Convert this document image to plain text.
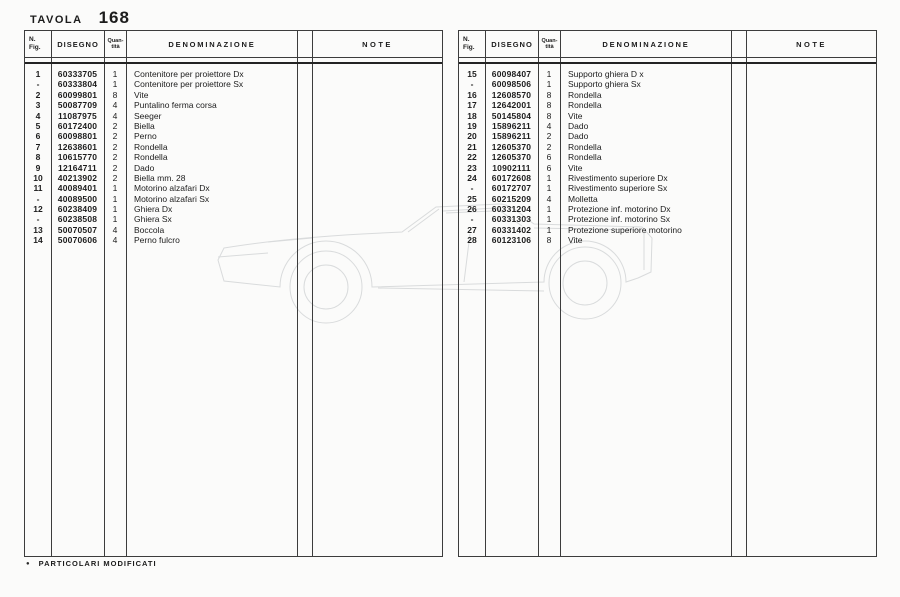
TAVOLA 168
N.
Fig.	DISEGNO	Quan-
tità	DENOMINAZIONE	NOTE
1	60333705	1	Contenitore per proiettore Dx
-	60333804	1	Contenitore per proiettore Sx
2	60099801	8	Vite
3	50087709	4	Puntalino ferma corsa
4	11087975	4	Seeger
5	60172400	2	Biella
6	60098801	2	Perno
7	12638601	2	Rondella
8	10615770	2	Rondella
9	12164711	2	Dado
10	40213902	2	Biella mm. 28
11	40089401	1	Motorino alzafari Dx
-	40089500	1	Motorino alzafari Sx
12	60238409	1	Ghiera Dx
-	60238508	1	Ghiera Sx
13	50070507	4	Boccola
14	50070606	4	Perno fulcro
N.
Fig.	DISEGNO	Quan-
tità	DENOMINAZIONE	NOTE
15	60098407	1	Supporto ghiera D x
-	60098506	1	Supporto ghiera Sx
16	12608570	8	Rondella
17	12642001	8	Rondella
18	50145804	8	Vite
19	15896211	4	Dado
20	15896211	2	Dado
21	12605370	2	Rondella
22	12605370	6	Rondella
23	10902111	6	Vite
24	60172608	1	Rivestimento superiore Dx
-	60172707	1	Rivestimento superiore Sx
25	60215209	4	Molletta
26	60331204	1	Protezione inf. motorino Dx
-	60331303	1	Protezione inf. motorino Sx
27	60331402	1	Protezione superiore motorino
28	60123106	8	Vite
● PARTICOLARI MODIFICATI
